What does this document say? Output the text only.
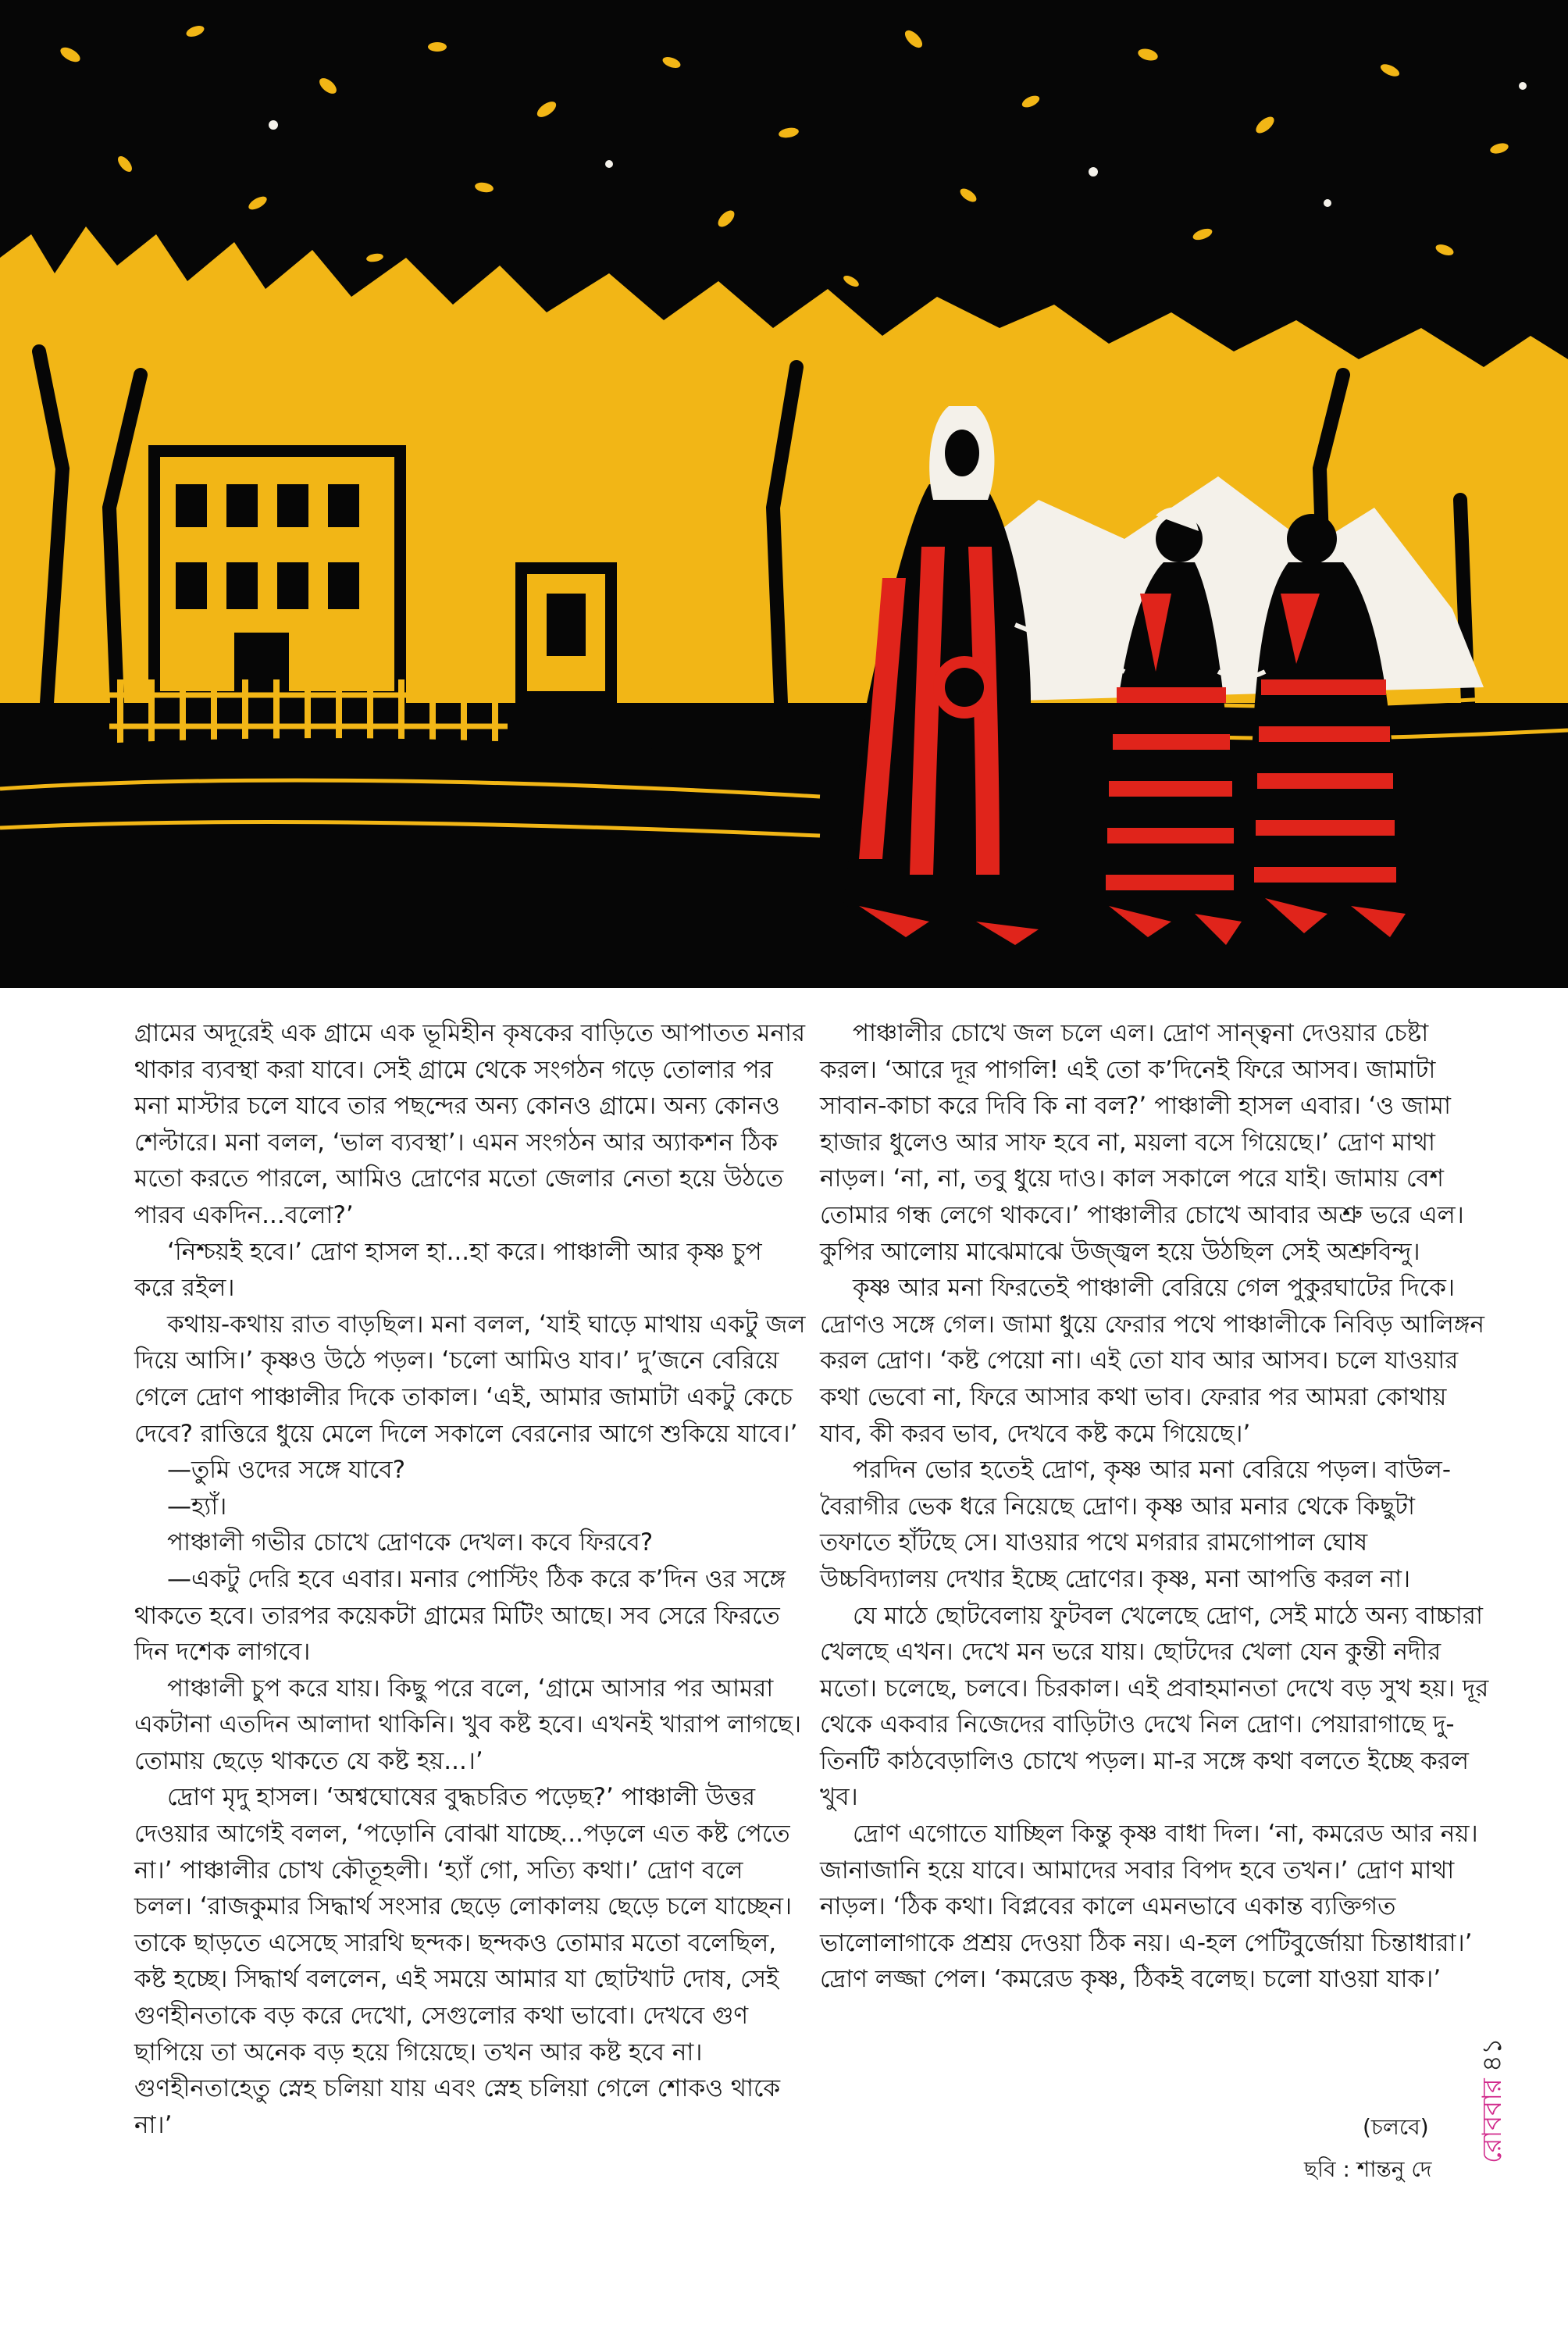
গ্রামের অদূরেই এক গ্রামে এক ভূমিহীন কৃষকের বাড়িতে আপাতত মনার থাকার ব্যবস্থা করা যাবে। সেই গ্রামে থেকে সংগঠন গড়ে তোলার পর মনা মাস্টার চলে যাবে তার পছন্দের অন্য কোনও গ্রামে। অন্য কোনও শেল্টারে। মনা বলল, ‘ভাল ব্যবস্থা’। এমন সংগঠন আর অ্যাকশন ঠিক মতো করতে পারলে, আমিও দ্রোণের মতো জেলার নেতা হয়ে উঠতে পারব একদিন...বলো?’

‘নিশ্চয়ই হবে।’ দ্রোণ হাসল হা...হা করে। পাঞ্চালী আর কৃষ্ণ চুপ করে রইল।

কথায়-কথায় রাত বাড়ছিল। মনা বলল, ‘যাই ঘাড়ে মাথায় একটু জল দিয়ে আসি।’ কৃষ্ণও উঠে পড়ল। ‘চলো আমিও যাব।’ দু’জনে বেরিয়ে গেলে দ্রোণ পাঞ্চালীর দিকে তাকাল। ‘এই, আমার জামাটা একটু কেচে দেবে? রাত্তিরে ধুয়ে মেলে দিলে সকালে বেরনোর আগে শুকিয়ে যাবে।’

—তুমি ওদের সঙ্গে যাবে?

—হ্যাঁ।

পাঞ্চালী গভীর চোখে দ্রোণকে দেখল। কবে ফিরবে?

—একটু দেরি হবে এবার। মনার পোস্টিং ঠিক করে ক’দিন ওর সঙ্গে থাকতে হবে। তারপর কয়েকটা গ্রামের মিটিং আছে। সব সেরে ফিরতে দিন দশেক লাগবে।

পাঞ্চালী চুপ করে যায়। কিছু পরে বলে, ‘গ্রামে আসার পর আমরা একটানা এতদিন আলাদা থাকিনি। খুব কষ্ট হবে। এখনই খারাপ লাগছে। তোমায় ছেড়ে থাকতে যে কষ্ট হয়...।’

দ্রোণ মৃদু হাসল। ‘অশ্বঘোষের বুদ্ধচরিত পড়েছ?’ পাঞ্চালী উত্তর দেওয়ার আগেই বলল, ‘পড়োনি বোঝা যাচ্ছে...পড়লে এত কষ্ট পেতে না।’ পাঞ্চালীর চোখ কৌতূহলী। ‘হ্যাঁ গো, সত্যি কথা।’ দ্রোণ বলে চলল। ‘রাজকুমার সিদ্ধার্থ সংসার ছেড়ে লোকালয় ছেড়ে চলে যাচ্ছেন। তাকে ছাড়তে এসেছে সারথি ছন্দক। ছন্দকও তোমার মতো বলেছিল, কষ্ট হচ্ছে। সিদ্ধার্থ বললেন, এই সময়ে আমার যা ছোটখাট দোষ, সেই গুণহীনতাকে বড় করে দেখো, সেগুলোর কথা ভাবো। দেখবে গুণ ছাপিয়ে তা অনেক বড় হয়ে গিয়েছে। তখন আর কষ্ট হবে না। গুণহীনতাহেতু স্নেহ চলিয়া যায় এবং স্নেহ চলিয়া গেলে শোকও থাকে না।’

পাঞ্চালীর চোখে জল চলে এল। দ্রোণ সান্ত্বনা দেওয়ার চেষ্টা করল। ‘আরে দূর পাগলি! এই তো ক’দিনেই ফিরে আসব। জামাটা সাবান-কাচা করে দিবি কি না বল?’ পাঞ্চালী হাসল এবার। ‘ও জামা হাজার ধুলেও আর সাফ হবে না, ময়লা বসে গিয়েছে।’ দ্রোণ মাথা নাড়ল। ‘না, না, তবু ধুয়ে দাও। কাল সকালে পরে যাই। জামায় বেশ তোমার গন্ধ লেগে থাকবে।’ পাঞ্চালীর চোখে আবার অশ্রু ভরে এল। কুপির আলোয় মাঝেমাঝে উজ্জ্বল হয়ে উঠছিল সেই অশ্রুবিন্দু।

কৃষ্ণ আর মনা ফিরতেই পাঞ্চালী বেরিয়ে গেল পুকুরঘাটের দিকে। দ্রোণও সঙ্গে গেল। জামা ধুয়ে ফেরার পথে পাঞ্চালীকে নিবিড় আলিঙ্গন করল দ্রোণ। ‘কষ্ট পেয়ো না। এই তো যাব আর আসব। চলে যাওয়ার কথা ভেবো না, ফিরে আসার কথা ভাব। ফেরার পর আমরা কোথায় যাব, কী করব ভাব, দেখবে কষ্ট কমে গিয়েছে।’

পরদিন ভোর হতেই দ্রোণ, কৃষ্ণ আর মনা বেরিয়ে পড়ল। বাউল-বৈরাগীর ভেক ধরে নিয়েছে দ্রোণ। কৃষ্ণ আর মনার থেকে কিছুটা তফাতে হাঁটছে সে। যাওয়ার পথে মগরার রামগোপাল ঘোষ উচ্চবিদ্যালয় দেখার ইচ্ছে দ্রোণের। কৃষ্ণ, মনা আপত্তি করল না।

যে মাঠে ছোটবেলায় ফুটবল খেলেছে দ্রোণ, সেই মাঠে অন্য বাচ্চারা খেলছে এখন। দেখে মন ভরে যায়। ছোটদের খেলা যেন কুন্তী নদীর মতো। চলেছে, চলবে। চিরকাল। এই প্রবাহমানতা দেখে বড় সুখ হয়। দূর থেকে একবার নিজেদের বাড়িটাও দেখে নিল দ্রোণ। পেয়ারাগাছে দু-তিনটি কাঠবেড়ালিও চোখে পড়ল। মা-র সঙ্গে কথা বলতে ইচ্ছে করল খুব।

দ্রোণ এগোতে যাচ্ছিল কিন্তু কৃষ্ণ বাধা দিল। ‘না, কমরেড আর নয়। জানাজানি হয়ে যাবে। আমাদের সবার বিপদ হবে তখন।’ দ্রোণ মাথা নাড়ল। ‘ঠিক কথা। বিপ্লবের কালে এমনভাবে একান্ত ব্যক্তিগত ভালোলাগাকে প্রশ্রয় দেওয়া ঠিক নয়। এ-হল পেটিবুর্জোয়া চিন্তাধারা।’ দ্রোণ লজ্জা পেল। ‘কমরেড কৃষ্ণ, ঠিকই বলেছ। চলো যাওয়া যাক।’

(চলবে)
ছবি : শান্তনু দে
রোববার৪১
